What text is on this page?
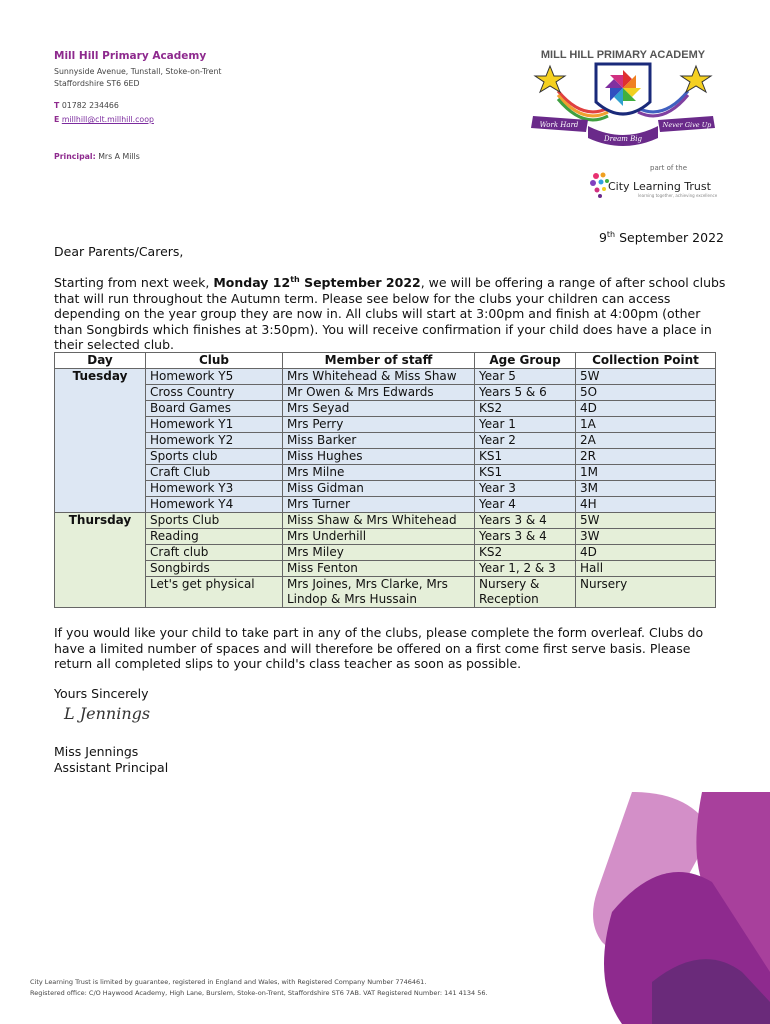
Mill Hill Primary Academy
Sunnyside Avenue, Tunstall, Stoke-on-Trent
Staffordshire ST6 6ED
T 01782 234466
E millhill@clt.millhill.coop
Principal: Mrs A Mills
MILL HILL PRIMARY ACADEMY
Work Hard	Never Give Up
Dream Big
part of the
City Learning Trust
learning together, achieving excellence
9th September 2022
Dear Parents/Carers,
Starting from next week, Monday 12th September 2022, we will be offering a range of after school clubs that will run throughout the Autumn term. Please see below for the clubs your children can access depending on the year group they are now in. All clubs will start at 3:00pm and finish at 4:00pm (other than Songbirds which finishes at 3:50pm). You will receive confirmation if your child does have a place in their selected club.
Day	Club	Member of staff	Age Group	Collection Point
Tuesday	Homework Y5	Mrs Whitehead & Miss Shaw	Year 5	5W
	Cross Country	Mr Owen & Mrs Edwards	Years 5 & 6	5O
	Board Games	Mrs Seyad	KS2	4D
	Homework Y1	Mrs Perry	Year 1	1A
	Homework Y2	Miss Barker	Year 2	2A
	Sports club	Miss Hughes	KS1	2R
	Craft Club	Mrs Milne	KS1	1M
	Homework Y3	Miss Gidman	Year 3	3M
	Homework Y4	Mrs Turner	Year 4	4H
Thursday	Sports Club	Miss Shaw & Mrs Whitehead	Years 3 & 4	5W
	Reading	Mrs Underhill	Years 3 & 4	3W
	Craft club	Mrs Miley	KS2	4D
	Songbirds	Miss Fenton	Year 1, 2 & 3	Hall
	Let's get physical	Mrs Joines, Mrs Clarke, Mrs Lindop & Mrs Hussain	Nursery & Reception	Nursery
If you would like your child to take part in any of the clubs, please complete the form overleaf. Clubs do have a limited number of spaces and will therefore be offered on a first come first serve basis. Please return all completed slips to your child's class teacher as soon as possible.
Yours Sincerely
L Jennings
Miss Jennings
Assistant Principal
City Learning Trust is limited by guarantee, registered in England and Wales, with Registered Company Number 7746461.
Registered office: C/O Haywood Academy, High Lane, Burslem, Stoke-on-Trent, Staffordshire ST6 7AB. VAT Registered Number: 141 4134 56.
